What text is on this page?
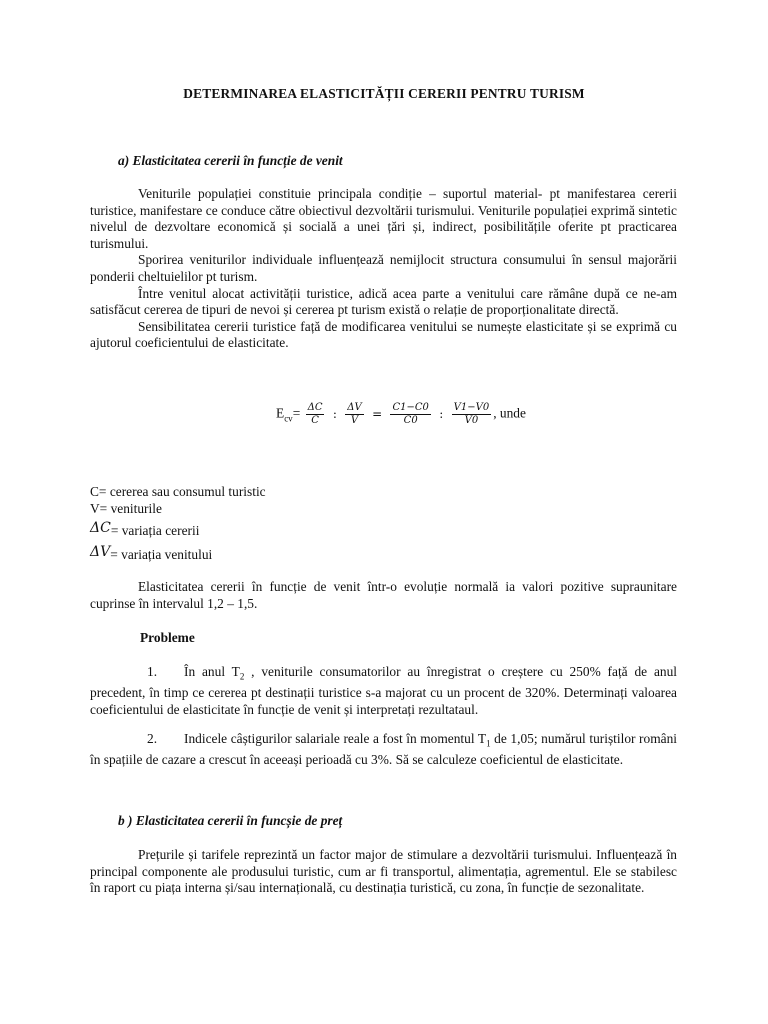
DETERMINAREA ELASTICITĂȚII CERERII PENTRU TURISM
a) Elasticitatea cererii în funcție de venit

Veniturile populației constituie principala condiție – suportul material- pt manifestarea cererii turistice, manifestare ce conduce către obiectivul dezvoltării turismului. Veniturile populației exprimă sintetic nivelul de dezvoltare economică și socială a unei țări și, indirect, posibilitățile oferite pt practicarea turismului.

Sporirea veniturilor individuale influențează nemijlocit structura consumului în sensul majorării ponderii cheltuielilor pt turism.

Între venitul alocat activității turistice, adică acea parte a venitului care rămâne după ce ne-am satisfăcut cererea de tipuri de nevoi și cererea pt turism există o relație de proporționalitate directă.

Sensibilitatea cererii turistice față de modificarea venitului se numește elasticitate și se exprimă cu ajutorul coeficientului de elasticitate.

$E_{cv}= \frac{\Delta C}{C}$ : $\frac{\Delta V}{V} = \frac{C1-C0}{C0}$ : $\frac{V1-V0}{V0}$ , unde
C= cererea sau consumul turistic
V= veniturile
ΔC= variația cererii
ΔV= variația venitului

Elasticitatea cererii în funcție de venit într-o evoluție normală ia valori pozitive supraunitare cuprinse în intervalul 1,2 – 1,5.

Probleme
1. În anul $T_2$ , veniturile consumatorilor au înregistrat o creștere cu 250% față de anul precedent, în timp ce cererea pt destinații turistice s-a majorat cu un procent de 320%. Determinați valoarea coeficientului de elasticitate în funcție de venit și interpretați rezultataul.
2. Indicele câștigurilor salariale reale a fost în momentul $T_1$ de 1,05; numărul turiștilor români în spațiile de cazare a crescut în aceeași perioadă cu 3%. Să se calculeze coeficientul de elasticitate.
b ) Elasticitatea cererii în funcșie de preț

Prețurile și tarifele reprezintă un factor major de stimulare a dezvoltării turismului. Influențează în principal componente ale produsului turistic, cum ar fi transportul, alimentația, agrementul. Ele se stabilesc în raport cu piața interna și/sau internațională, cu destinația turistică, cu zona, în funcție de sezonalitate.
